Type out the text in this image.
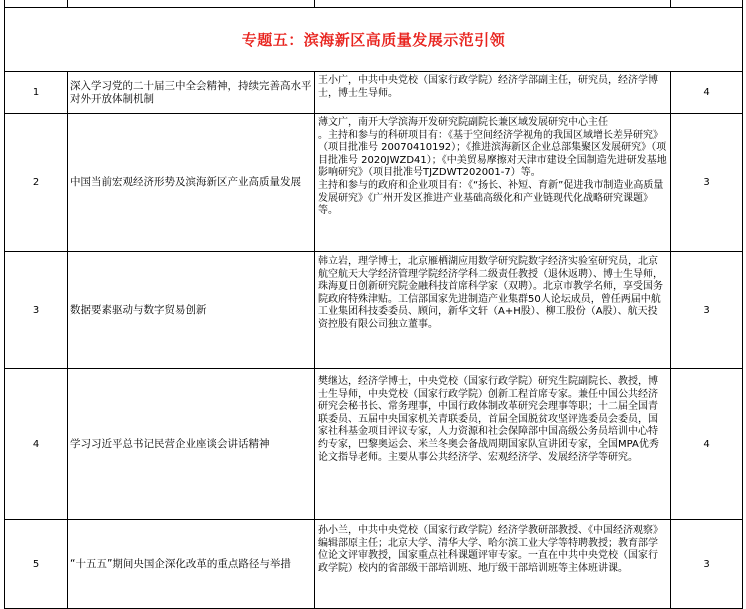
专题五：滨海新区高质量发展示范引领			
1	深入学习党的二十届三中全会精神，持续完善高水平对外开放体制机制	王小广，中共中央党校（国家行政学院）经济学部副主任，研究员，经济学博士，博士生导师。	4
2	中国当前宏观经济形势及滨海新区产业高质量发展	薄文广，南开大学滨海开发研究院副院长兼区域发展研究中心主任

。主持和参与的科研项目有：《基于空间经济学视角的我国区域增长差异研究》（项目批准号 20070410192）；《推进滨海新区企业总部集聚区发展研究》（项目批准号 2020JWZD41）；《中美贸易摩擦对天津市建设全国制造先进研发基地影响研究》（项目批准号TJZDWT202001-7）等。

主持和参与的政府和企业项目有：《“扬长、补短、育新”促进我市制造业高质量发展研究》《广州开发区推进产业基础高级化和产业链现代化战略研究课题》等。	3
3	数据要素驱动与数字贸易创新	韩立岩，理学博士，北京雁栖湖应用数学研究院数字经济实验室研究员，北京航空航天大学经济管理学院经济学科二级责任教授（退休返聘）、博士生导师，珠海夏日创新研究院金融科技首席科学家（双聘）。北京市教学名师，享受国务院政府特殊津贴。工信部国家先进制造产业集群50人论坛成员，曾任两届中航工业集团科技委委员、顾问，新华文轩（A+H股）、柳工股份（A股）、航天投资控股有限公司独立董事。	3
4	学习习近平总书记民营企业座谈会讲话精神	樊继达，经济学博士，中央党校（国家行政学院）研究生院副院长、教授，博士生导师，中央党校（国家行政学院）创新工程首席专家。兼任中国公共经济研究会秘书长、常务理事，中国行政体制改革研究会理事等职；十二届全国青联委员、五届中央国家机关青联委员，首届全国脱贫攻坚评选委员会委员，国家社科基金项目评议专家，人力资源和社会保障部中国高级公务员培训中心特约专家，巴黎奥运会、米兰冬奥会备战周期国家队宣讲团专家，全国MPA优秀论文指导老师。主要从事公共经济学、宏观经济学、发展经济学等研究。	4
5	“十五五”期间央国企深化改革的重点路径与举措	孙小兰，中共中央党校（国家行政学院）经济学教研部教授、《中国经济观察》编辑部原主任；北京大学、清华大学、哈尔滨工业大学等特聘教授；教育部学位论文评审教授，国家重点社科课题评审专家。一直在中共中央党校（国家行政学院）校内的省部级干部培训班、地厅级干部培训班等主体班讲课。	3
